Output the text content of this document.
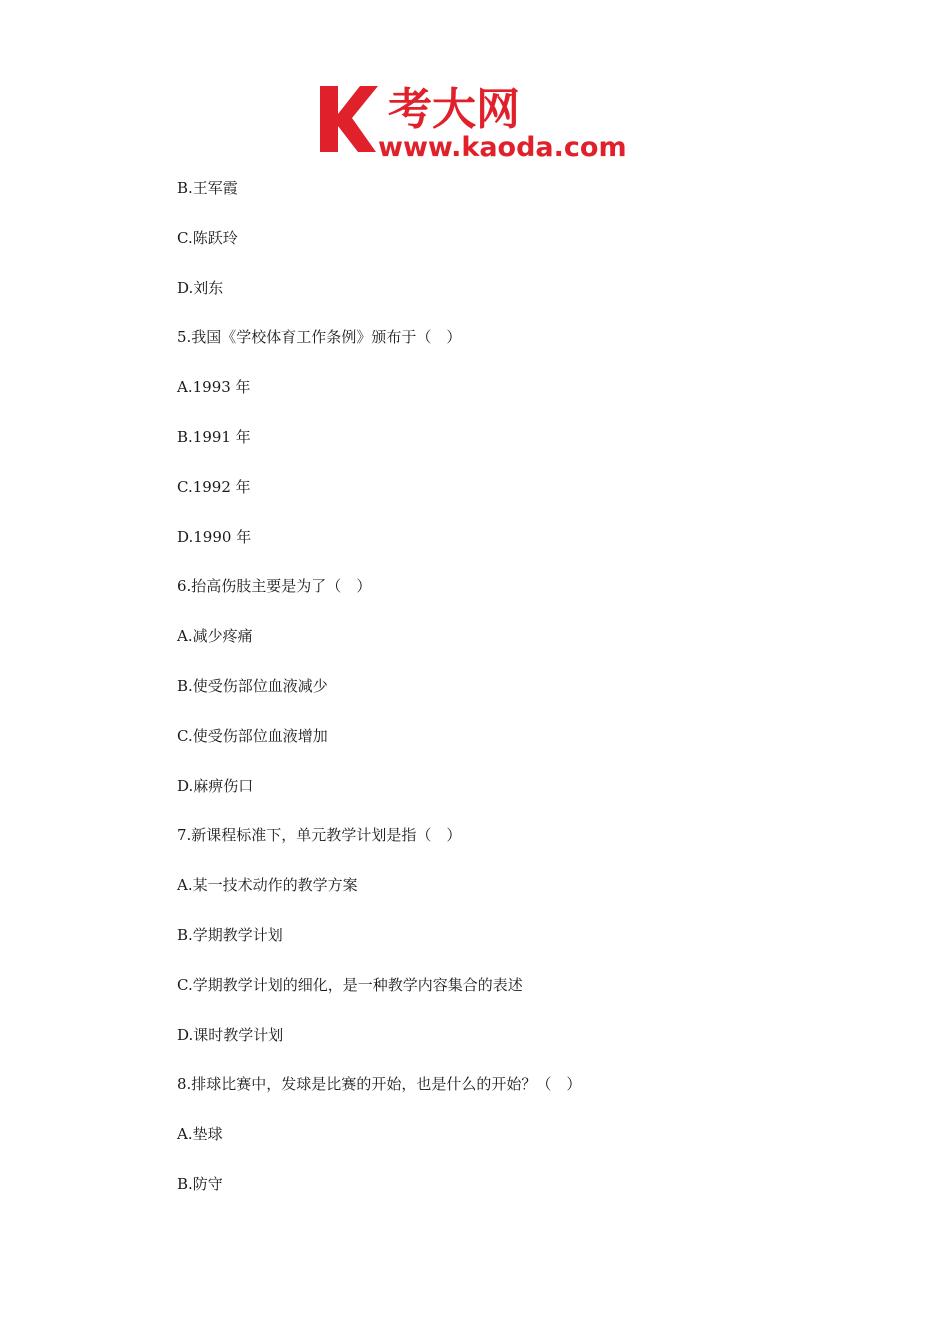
考大网
www.kaoda.com
B.王军霞
C.陈跃玲
D.刘东
5.我国《学校体育工作条例》颁布于（　）
A.1993 年
B.1991 年
C.1992 年
D.1990 年
6.抬高伤肢主要是为了（　）
A.减少疼痛
B.使受伤部位血液减少
C.使受伤部位血液增加
D.麻痹伤口
7.新课程标准下，单元教学计划是指（　）
A.某一技术动作的教学方案
B.学期教学计划
C.学期教学计划的细化，是一种教学内容集合的表述
D.课时教学计划
8.排球比赛中，发球是比赛的开始，也是什么的开始？（　）
A.垫球
B.防守
